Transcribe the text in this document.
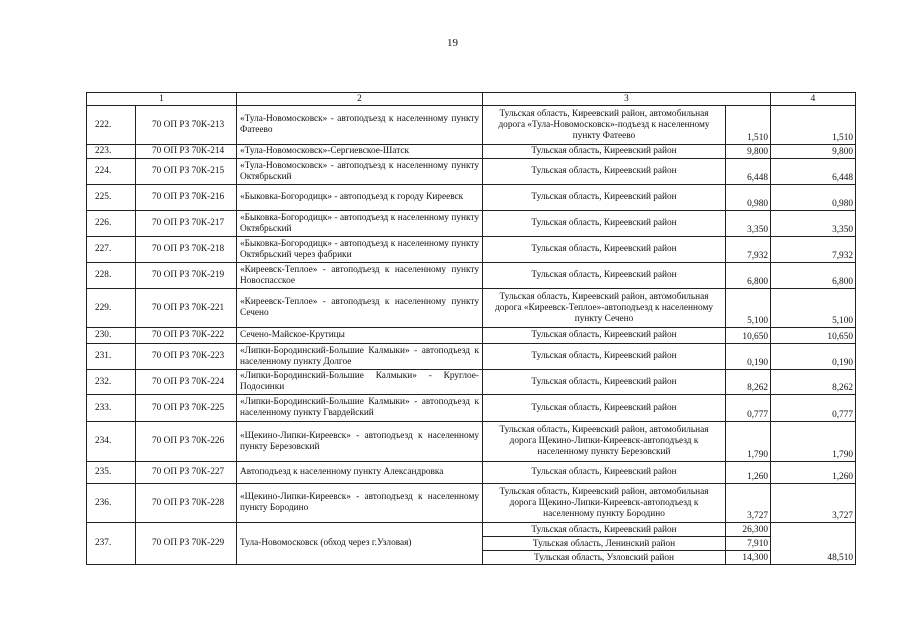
19
1		2	3		4
222.	70 ОП РЗ 70К-213	«Тула-Новомосковск» - автоподъезд к населенному пункту Фатеево	Тульская область, Киреевский район, автомобильная дорога «Тула-Новомосковск»-подъезд к населенному пункту Фатеево	1,510	1,510
223.	70 ОП РЗ 70К-214	«Тула-Новомосковск»-Сергиевское-Шатск	Тульская область, Киреевский район	9,800	9,800
224.	70 ОП РЗ 70К-215	«Тула-Новомосковск» - автоподъезд к населенному пункту Октябрьский	Тульская область, Киреевский район	6,448	6,448
225.	70 ОП РЗ 70К-216	«Быковка-Богородицк» - автоподъезд к городу Киреевск	Тульская область, Киреевский район	0,980	0,980
226.	70 ОП РЗ 70К-217	«Быковка-Богородицк» - автоподъезд к населенному пункту Октябрьский	Тульская область, Киреевский район	3,350	3,350
227.	70 ОП РЗ 70К-218	«Быковка-Богородицк» - автоподъезд к населенному пункту Октябрьский через фабрики	Тульская область, Киреевский район	7,932	7,932
228.	70 ОП РЗ 70К-219	«Киреевск-Теплое» - автоподъезд к населенному пункту Новоспасское	Тульская область, Киреевский район	6,800	6,800
229.	70 ОП РЗ 70К-221	«Киреевск-Теплое» - автоподъезд к населенному пункту Сечено	Тульская область, Киреевский район, автомобильная дорога «Киреевск-Теплое»-автоподъезд к населенному пункту Сечено	5,100	5,100
230.	70 ОП РЗ 70К-222	Сечено-Майское-Крутицы	Тульская область, Киреевский район	10,650	10,650
231.	70 ОП РЗ 70К-223	«Липки-Бородинский-Большие Калмыки» - автоподъезд к населенному пункту Долгое	Тульская область, Киреевский район	0,190	0,190
232.	70 ОП РЗ 70К-224	«Липки-Бородинский-Большие Калмыки» - Круглое-Подосинки	Тульская область, Киреевский район	8,262	8,262
233.	70 ОП РЗ 70К-225	«Липки-Бородинский-Большие Калмыки» - автоподъезд к населенному пункту Гвардейский	Тульская область, Киреевский район	0,777	0,777
234.	70 ОП РЗ 70К-226	«Щекино-Липки-Киреевск» - автоподъезд к населенному пункту Березовский	Тульская область, Киреевский район, автомобильная дорога Щекино-Липки-Киреевск-автоподъезд к населенному пункту Березовский	1,790	1,790
235.	70 ОП РЗ 70К-227	Автоподъезд к населенному пункту Александровка	Тульская область, Киреевский район	1,260	1,260
236.	70 ОП РЗ 70К-228	«Щекино-Липки-Киреевск» - автоподъезд к населенному пункту Бородино	Тульская область, Киреевский район, автомобильная дорога Щекино-Липки-Киреевск-автоподъезд к населенному пункту Бородино	3,727	3,727
237.	70 ОП РЗ 70К-229	Тула-Новомосковск (обход через г.Узловая)	Тульская область, Киреевский район	26,300	48,510
			Тульская область, Ленинский район	7,910	
			Тульская область, Узловский район	14,300	
